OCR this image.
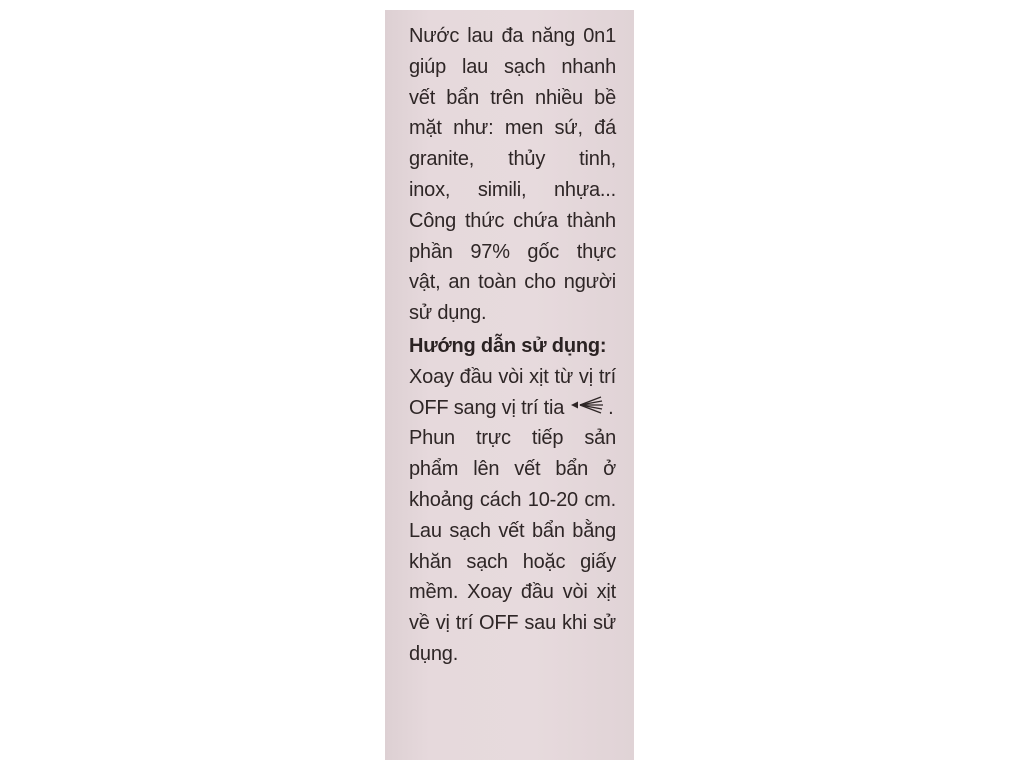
Nước lau đa năng 0n1
giúp lau sạch nhanh
vết bẩn trên nhiều bề
mặt như: men sứ, đá
granite, thủy tinh,
inox, simili, nhựa...
Công thức chứa thành
phần 97% gốc thực
vật, an toàn cho người
sử dụng.
Hướng dẫn sử dụng:
Xoay đầu vòi xịt từ vị trí
OFF sang vị trí tia .
Phun trực tiếp sản
phẩm lên vết bẩn ở
khoảng cách 10-20 cm.
Lau sạch vết bẩn bằng
khăn sạch hoặc giấy
mềm. Xoay đầu vòi xịt
về vị trí OFF sau khi sử
dụng.
